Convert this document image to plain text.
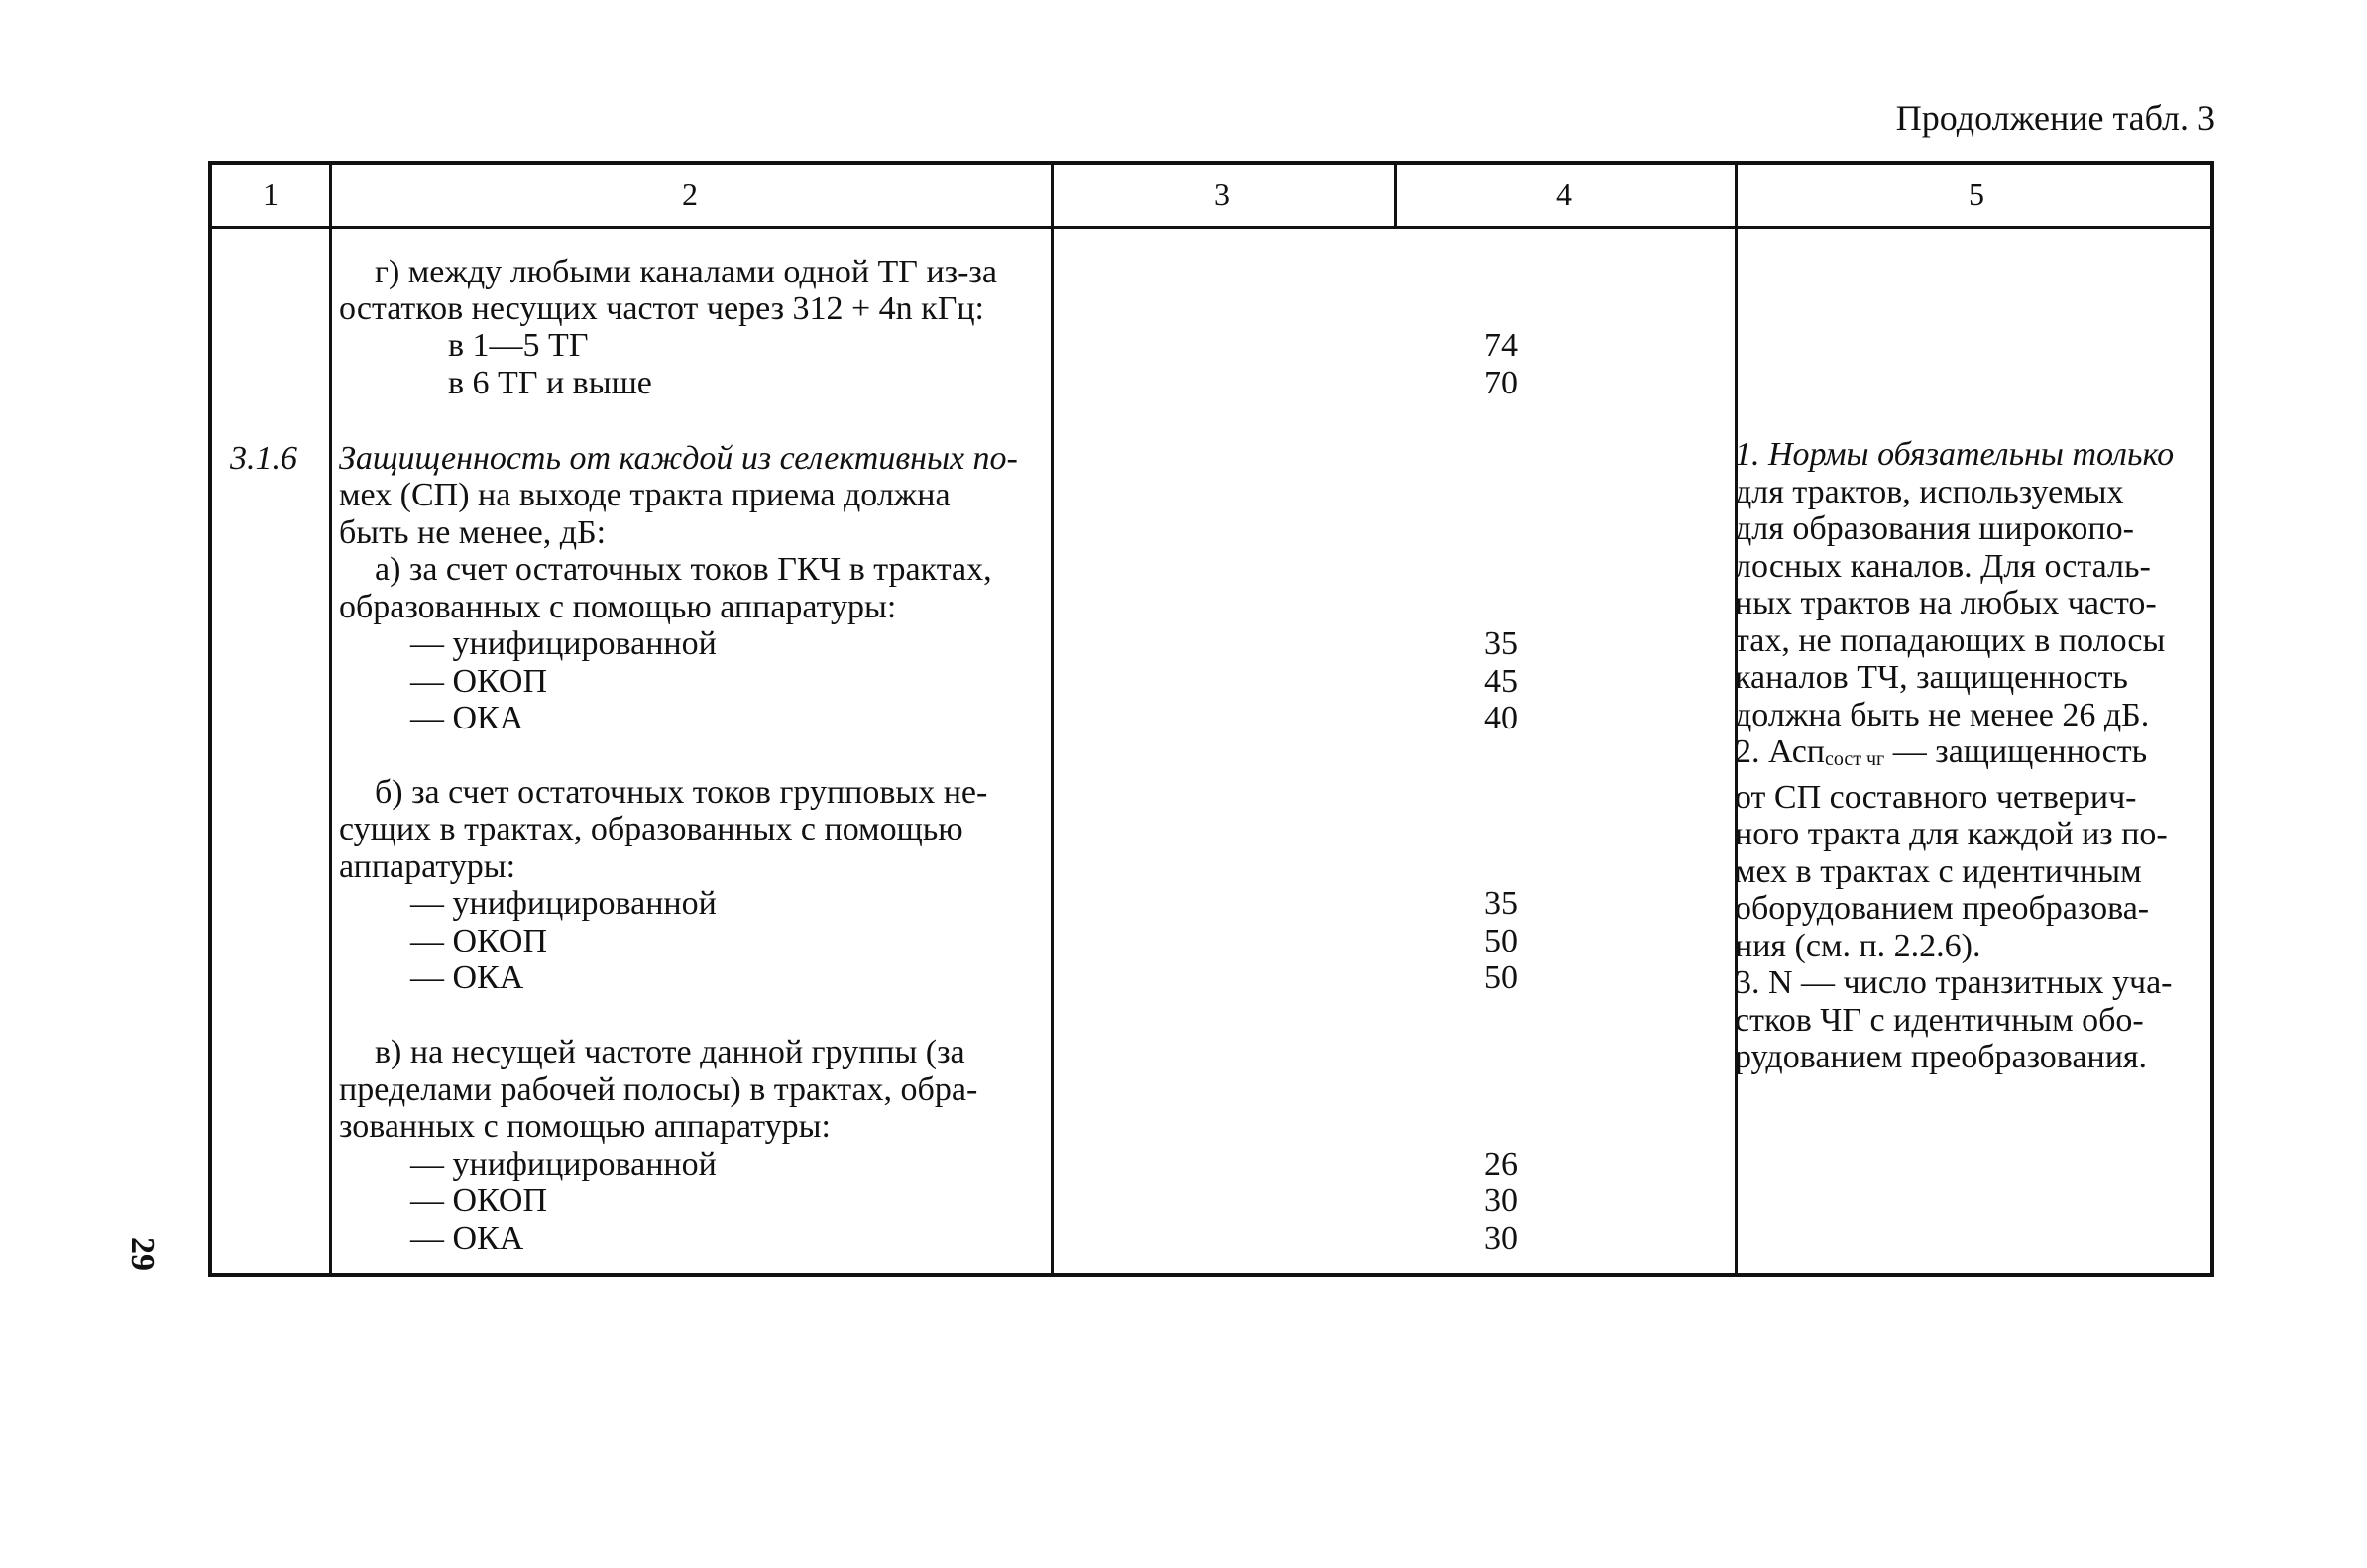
Продолжение табл. 3
29
1	2	3	4	5
г) между любыми каналами одной ТГ из-за
остатков несущих частот через 312 + 4n кГц:
в 1—5 ТГ	74
в 6 ТГ и выше	70
3.1.6 Защищенность от каждой из селективных по-
мех (СП) на выходе тракта приема должна
быть не менее, дБ:
а) за счет остаточных токов ГКЧ в трактах,
образованных с помощью аппаратуры:
— унифицированной	35
— ОКОП	45
— ОКА	40
б) за счет остаточных токов групповых не-
сущих в трактах, образованных с помощью
аппаратуры:
— унифицированной	35
— ОКОП	50
— ОКА	50
в) на несущей частоте данной группы (за
пределами рабочей полосы) в трактах, обра-
зованных с помощью аппаратуры:
— унифицированной	26
— ОКОП	30
— ОКА	30
1. Нормы обязательны только
для трактов, используемых
для образования широкопо-
лосных каналов. Для осталь-
ных трактов на любых часто-
тах, не попадающих в полосы
каналов ТЧ, защищенность
должна быть не менее 26 дБ.
2. Асп$_{сост чг}$ — защищенность
от СП составного четверич-
ного тракта для каждой из по-
мех в трактах с идентичным
оборудованием преобразова-
ния (см. п. 2.2.6).
3. N — число транзитных уча-
стков ЧГ с идентичным обо-
рудованием преобразования.
